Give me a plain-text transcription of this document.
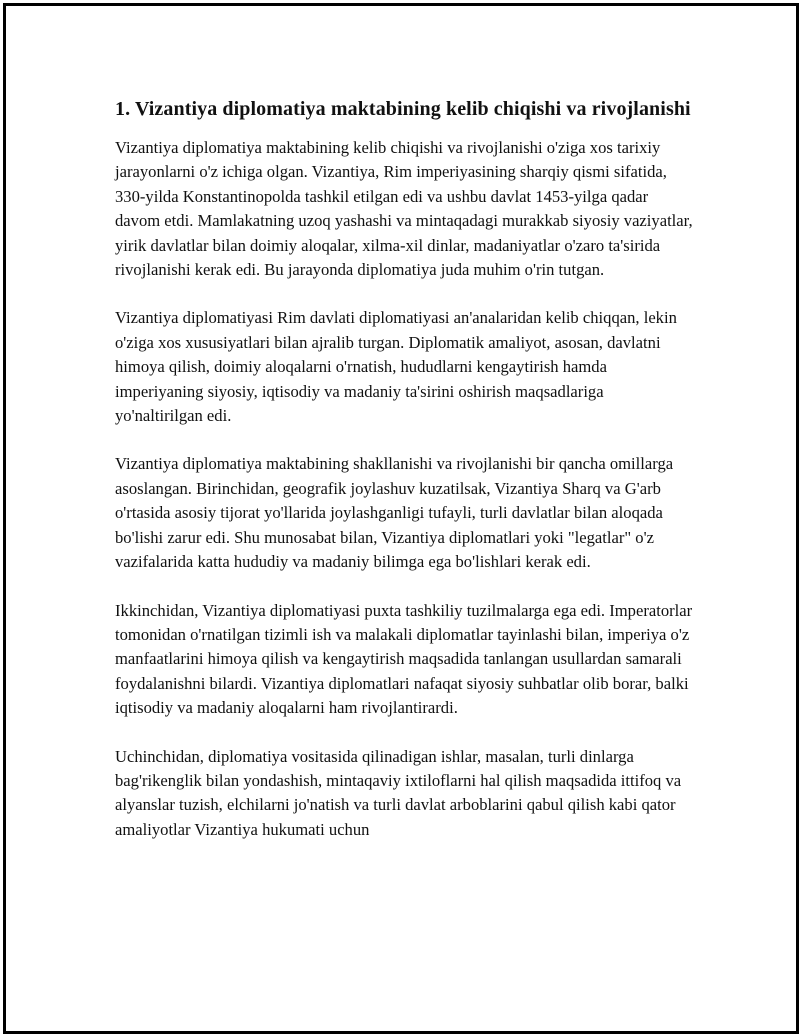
1. Vizantiya diplomatiya maktabining kelib chiqishi va rivojlanishi

Vizantiya diplomatiya maktabining kelib chiqishi va rivojlanishi o'ziga xos tarixiy jarayonlarni o'z ichiga olgan. Vizantiya, Rim imperiyasining sharqiy qismi sifatida, 330-yilda Konstantinopolda tashkil etilgan edi va ushbu davlat 1453-yilga qadar davom etdi. Mamlakatning uzoq yashashi va mintaqadagi murakkab siyosiy vaziyatlar, yirik davlatlar bilan doimiy aloqalar, xilma-xil dinlar, madaniyatlar o'zaro ta'sirida rivojlanishi kerak edi. Bu jarayonda diplomatiya juda muhim o'rin tutgan.

Vizantiya diplomatiyasi Rim davlati diplomatiyasi an'analaridan kelib chiqqan, lekin o'ziga xos xususiyatlari bilan ajralib turgan. Diplomatik amaliyot, asosan, davlatni himoya qilish, doimiy aloqalarni o'rnatish, hududlarni kengaytirish hamda imperiyaning siyosiy, iqtisodiy va madaniy ta'sirini oshirish maqsadlariga yo'naltirilgan edi.

Vizantiya diplomatiya maktabining shakllanishi va rivojlanishi bir qancha omillarga asoslangan. Birinchidan, geografik joylashuv kuzatilsak, Vizantiya Sharq va G'arb o'rtasida asosiy tijorat yo'llarida joylashganligi tufayli, turli davlatlar bilan aloqada bo'lishi zarur edi. Shu munosabat bilan, Vizantiya diplomatlari yoki "legatlar" o'z vazifalarida katta hududiy va madaniy bilimga ega bo'lishlari kerak edi.

Ikkinchidan, Vizantiya diplomatiyasi puxta tashkiliy tuzilmalarga ega edi. Imperatorlar tomonidan o'rnatilgan tizimli ish va malakali diplomatlar tayinlashi bilan, imperiya o'z manfaatlarini himoya qilish va kengaytirish maqsadida tanlangan usullardan samarali foydalanishni bilardi. Vizantiya diplomatlari nafaqat siyosiy suhbatlar olib borar, balki iqtisodiy va madaniy aloqalarni ham rivojlantirardi.

Uchinchidan, diplomatiya vositasida qilinadigan ishlar, masalan, turli dinlarga bag'rikenglik bilan yondashish, mintaqaviy ixtiloflarni hal qilish maqsadida ittifoq va alyanslar tuzish, elchilarni jo'natish va turli davlat arboblarini qabul qilish kabi qator amaliyotlar Vizantiya hukumati uchun
